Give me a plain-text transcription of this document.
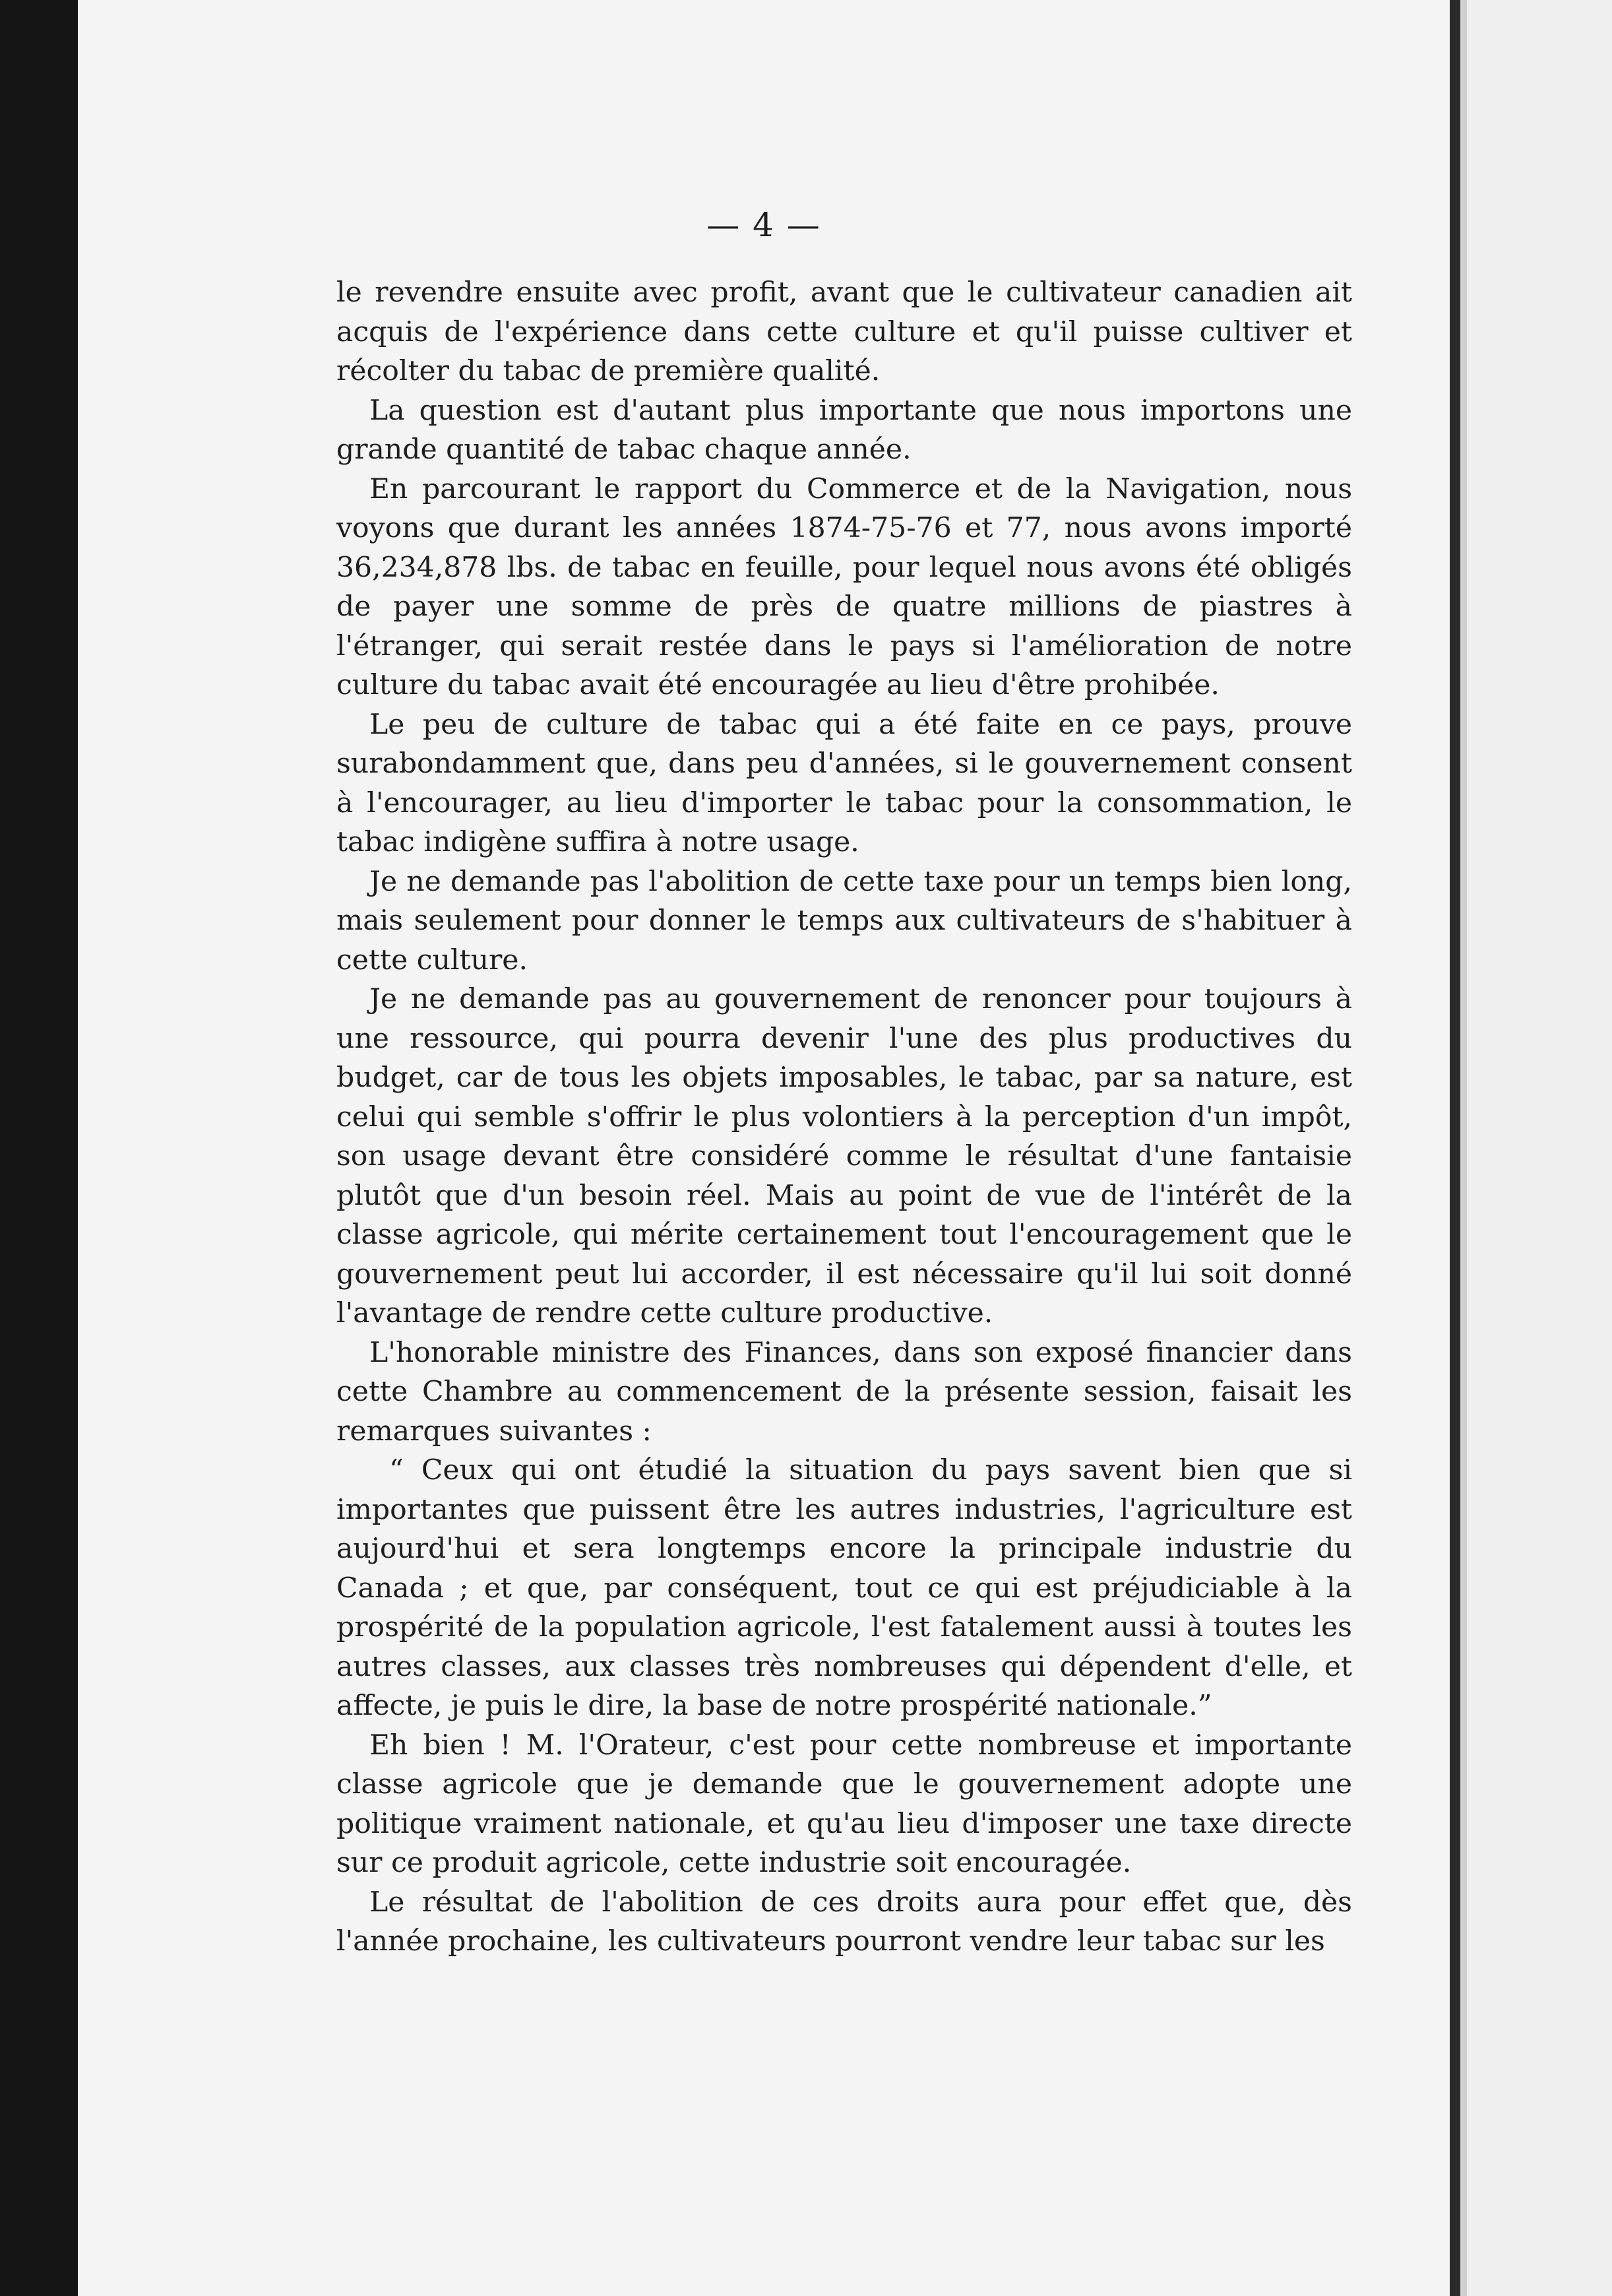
— 4 —

le revendre ensuite avec profit, avant que le cultivateur canadien ait acquis de l'expérience dans cette culture et qu'il puisse cultiver et récolter du tabac de première qualité.

La question est d'autant plus importante que nous importons une grande quantité de tabac chaque année.

En parcourant le rapport du Commerce et de la Navigation, nous voyons que durant les années 1874-75-76 et 77, nous avons importé 36,234,878 lbs. de tabac en feuille, pour lequel nous avons été obligés de payer une somme de près de quatre millions de piastres à l'étranger, qui serait restée dans le pays si l'amélioration de notre culture du tabac avait été encouragée au lieu d'être prohibée.

Le peu de culture de tabac qui a été faite en ce pays, prouve surabondamment que, dans peu d'années, si le gouvernement consent à l'encourager, au lieu d'importer le tabac pour la consommation, le tabac indigène suffira à notre usage.

Je ne demande pas l'abolition de cette taxe pour un temps bien long, mais seulement pour donner le temps aux cultivateurs de s'habituer à cette culture.

Je ne demande pas au gouvernement de renoncer pour toujours à une ressource, qui pourra devenir l'une des plus productives du budget, car de tous les objets imposables, le tabac, par sa nature, est celui qui semble s'offrir le plus volontiers à la perception d'un impôt, son usage devant être considéré comme le résultat d'une fantaisie plutôt que d'un besoin réel. Mais au point de vue de l'intérêt de la classe agricole, qui mérite certainement tout l'encouragement que le gouvernement peut lui accorder, il est nécessaire qu'il lui soit donné l'avantage de rendre cette culture productive.

L'honorable ministre des Finances, dans son exposé financier dans cette Chambre au commencement de la présente session, faisait les remarques suivantes :

“ Ceux qui ont étudié la situation du pays savent bien que si importantes que puissent être les autres industries, l'agriculture est aujourd'hui et sera longtemps encore la principale industrie du Canada ; et que, par conséquent, tout ce qui est préjudiciable à la prospérité de la population agricole, l'est fatalement aussi à toutes les autres classes, aux classes très nombreuses qui dépendent d'elle, et affecte, je puis le dire, la base de notre prospérité nationale.”

Eh bien ! M. l'Orateur, c'est pour cette nombreuse et importante classe agricole que je demande que le gouvernement adopte une politique vraiment nationale, et qu'au lieu d'imposer une taxe directe sur ce produit agricole, cette industrie soit encouragée.

Le résultat de l'abolition de ces droits aura pour effet que, dès l'année prochaine, les cultivateurs pourront vendre leur tabac sur les
